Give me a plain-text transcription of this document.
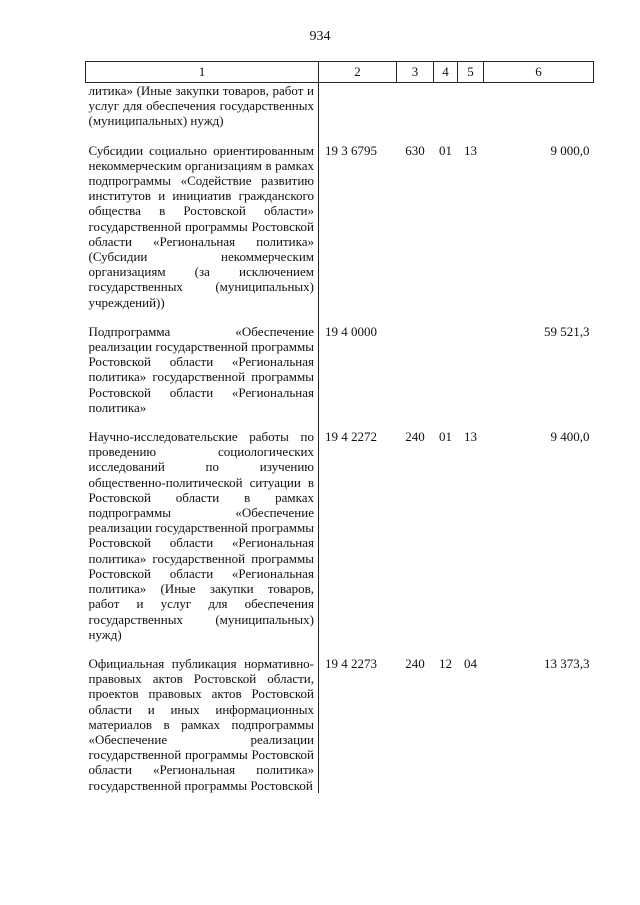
934
1	2	3	4	5	6
литика» (Иные закупки товаров, работ и услуг для обеспечения государственных (муниципальных) нужд)					
Субсидии социально ориентированным некоммерческим организациям в рамках подпрограммы «Содействие развитию институтов и инициатив гражданского общества в Ростовской области» государственной программы Ростовской области «Региональная политика» (Субсидии некоммерческим организациям (за исключением государственных (муниципальных) учреждений))	19 3 6795	630	01	13	9 000,0
Подпрограмма «Обеспечение реализации государственной программы Ростовской области «Региональная политика» государственной программы Ростовской области «Региональная политика»	19 4 0000				59 521,3
Научно-исследовательские работы по проведению социологических исследований по изучению общественно-политической ситуации в Ростовской области в рамках подпрограммы «Обеспечение реализации государственной программы Ростовской области «Региональная политика» государственной программы Ростовской области «Региональная политика» (Иные закупки товаров, работ и услуг для обеспечения государственных (муниципальных) нужд)	19 4 2272	240	01	13	9 400,0
Официальная публикация нормативно-правовых актов Ростовской области, проектов правовых актов Ростовской области и иных информационных материалов в рамках подпрограммы «Обеспечение реализации государственной программы Ростовской области «Региональная политика» государственной программы Ростовской	19 4 2273	240	12	04	13 373,3
